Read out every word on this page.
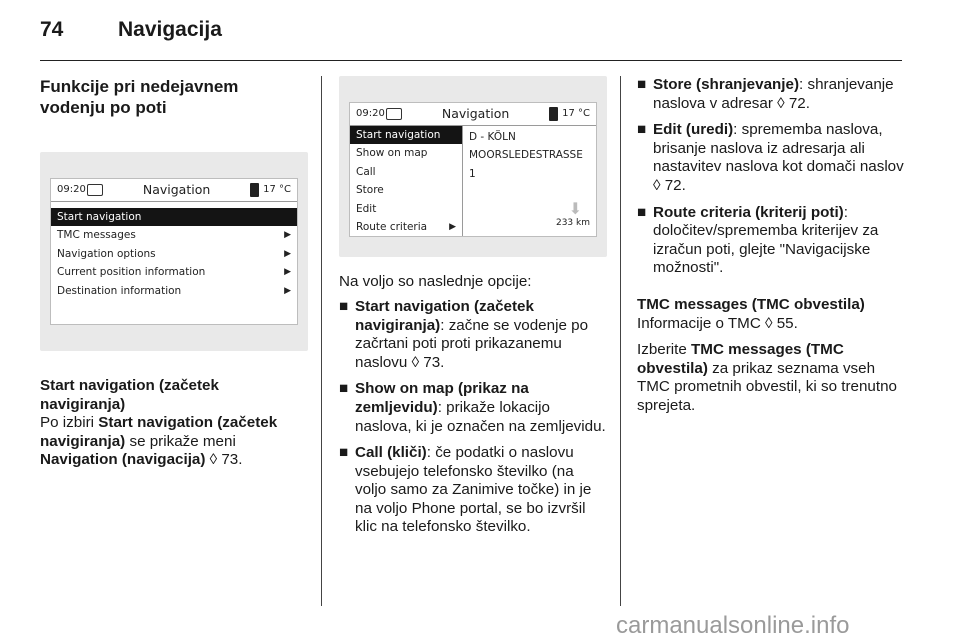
74	Navigacija
Funkcije pri nedejavnem vodenju po poti
09:20	Navigation	17 °C
Start navigation
TMC messages	▶
Navigation options	▶
Current position information	▶
Destination information	▶

Start navigation (začetek navigiranja)

Po izbiri Start navigation (začetek navigiranja) se prikaže meni Navigation (navigacija) ◊ 73.

09:20	Navigation	17 °C
Start navigation
Show on map
Call
Store
Edit
Route criteria ▶
D - KÖLN
MOORSLEDESTRASSE
1
⬇
233 km

Na voljo so naslednje opcije:

■ Start navigation (začetek navigiranja): začne se vodenje po začrtani poti proti prikazanemu naslovu ◊ 73.
■ Show on map (prikaz na zemljevidu): prikaže lokacijo naslova, ki je označen na zemljevidu.
■ Call (kliči): če podatki o naslovu vsebujejo telefonsko številko (na voljo samo za Zanimive točke) in je na voljo Phone portal, se bo izvršil klic na telefonsko številko.
■ Store (shranjevanje): shranjevanje naslova v adresar ◊ 72.
■ Edit (uredi): sprememba naslova, brisanje naslova iz adresarja ali nastavitev naslova kot domači naslov ◊ 72.
■ Route criteria (kriterij poti): določitev/sprememba kriterijev za izračun poti, glejte "Navigacijske možnosti".

TMC messages (TMC obvestila)

Informacije o TMC ◊ 55.

Izberite TMC messages (TMC obvestila) za prikaz seznama vseh TMC prometnih obvestil, ki so trenutno sprejeta.

carmanualsonline.info
